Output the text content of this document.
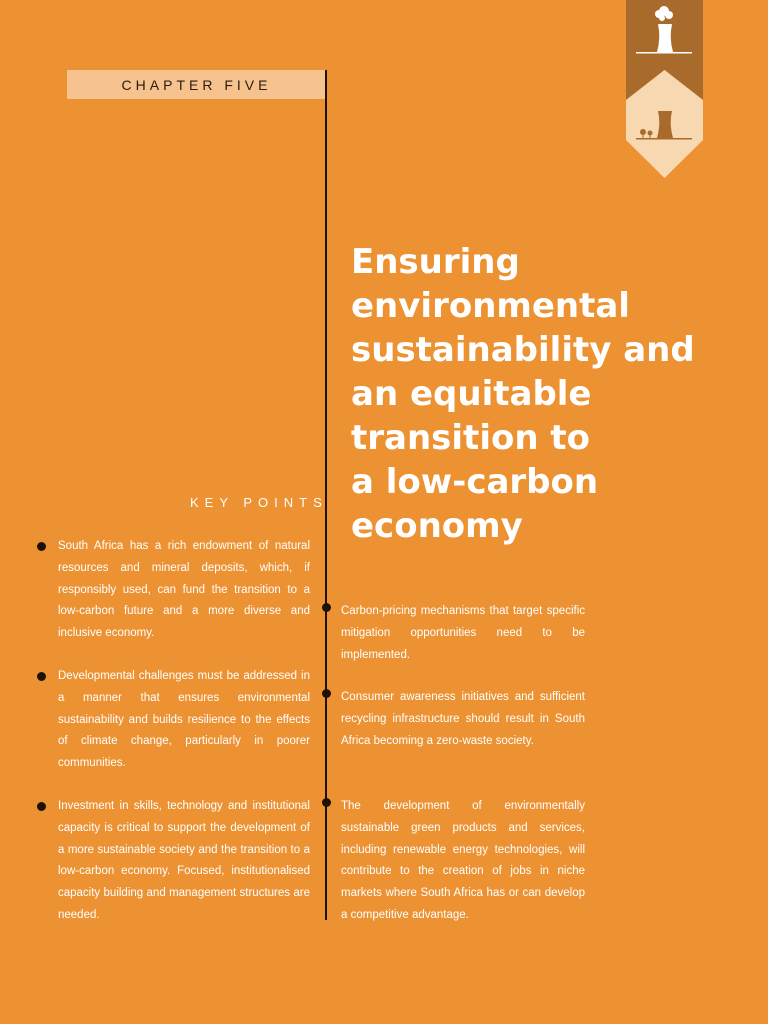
CHAPTER FIVE
Ensuring
environmental
sustainability and
an equitable
transition to
a low-carbon
economy
KEY POINTS

South Africa has a rich endowment of natural resources and mineral deposits, which, if responsibly used, can fund the transition to a low-carbon future and a more diverse and inclusive economy.

Developmental challenges must be addressed in a manner that ensures environmental sustainability and builds resilience to the effects of climate change, particularly in poorer communities.

Investment in skills, technology and institutional capacity is critical to support the development of a more sustainable society and the transition to a low-carbon economy. Focused, institutionalised capacity building and management structures are needed.

Carbon-pricing mechanisms that target specific mitigation opportunities need to be implemented.

Consumer awareness initiatives and sufficient recycling infrastructure should result in South Africa becoming a zero-waste society.

The development of environmentally sustainable green products and services, including renewable energy technologies, will contribute to the creation of jobs in niche markets where South Africa has or can develop a competitive advantage.
